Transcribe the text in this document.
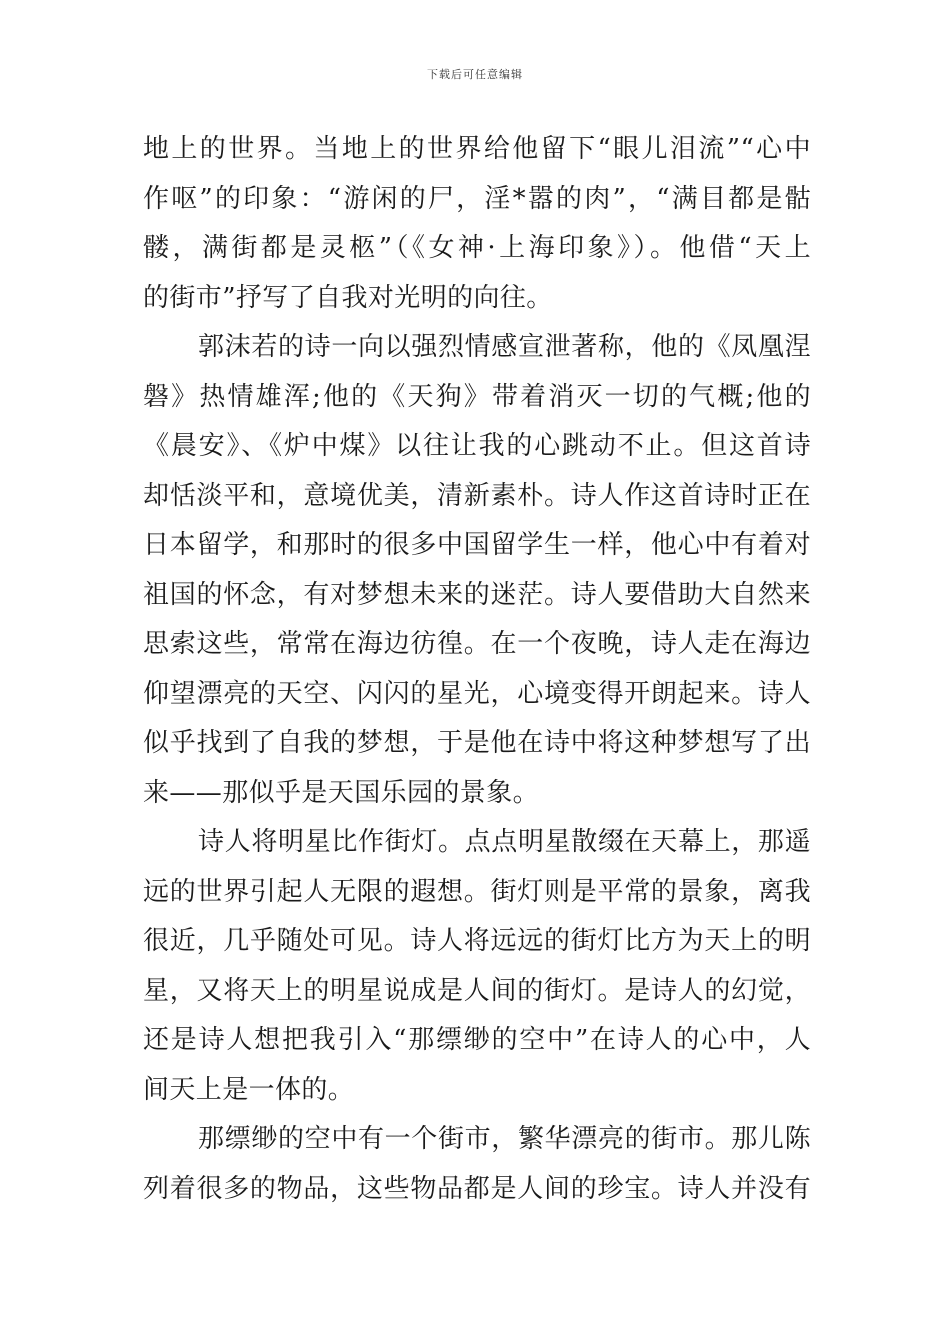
下载后可任意编辑
地上的世界。当地上的世界给他留下“眼儿泪流”“心中
作呕”的印象：“游闲的尸，淫*嚣的肉”，“满目都是骷
髅，满街都是灵柩”（《女神·上海印象》）。他借“天上
的街市”抒写了自我对光明的向往。
郭沫若的诗一向以强烈情感宣泄著称，他的《凤凰涅
磐》热情雄浑;他的《天狗》带着消灭一切的气概;他的
《晨安》、《炉中煤》以往让我的心跳动不止。但这首诗
却恬淡平和，意境优美，清新素朴。诗人作这首诗时正在
日本留学，和那时的很多中国留学生一样，他心中有着对
祖国的怀念，有对梦想未来的迷茫。诗人要借助大自然来
思索这些，常常在海边彷徨。在一个夜晚，诗人走在海边
仰望漂亮的天空、闪闪的星光，心境变得开朗起来。诗人
似乎找到了自我的梦想，于是他在诗中将这种梦想写了出
来——那似乎是天国乐园的景象。
诗人将明星比作街灯。点点明星散缀在天幕上，那遥
远的世界引起人无限的遐想。街灯则是平常的景象，离我
很近，几乎随处可见。诗人将远远的街灯比方为天上的明
星，又将天上的明星说成是人间的街灯。是诗人的幻觉，
还是诗人想把我引入“那缥缈的空中”在诗人的心中，人
间天上是一体的。
那缥缈的空中有一个街市，繁华漂亮的街市。那儿陈
列着很多的物品，这些物品都是人间的珍宝。诗人并没有
